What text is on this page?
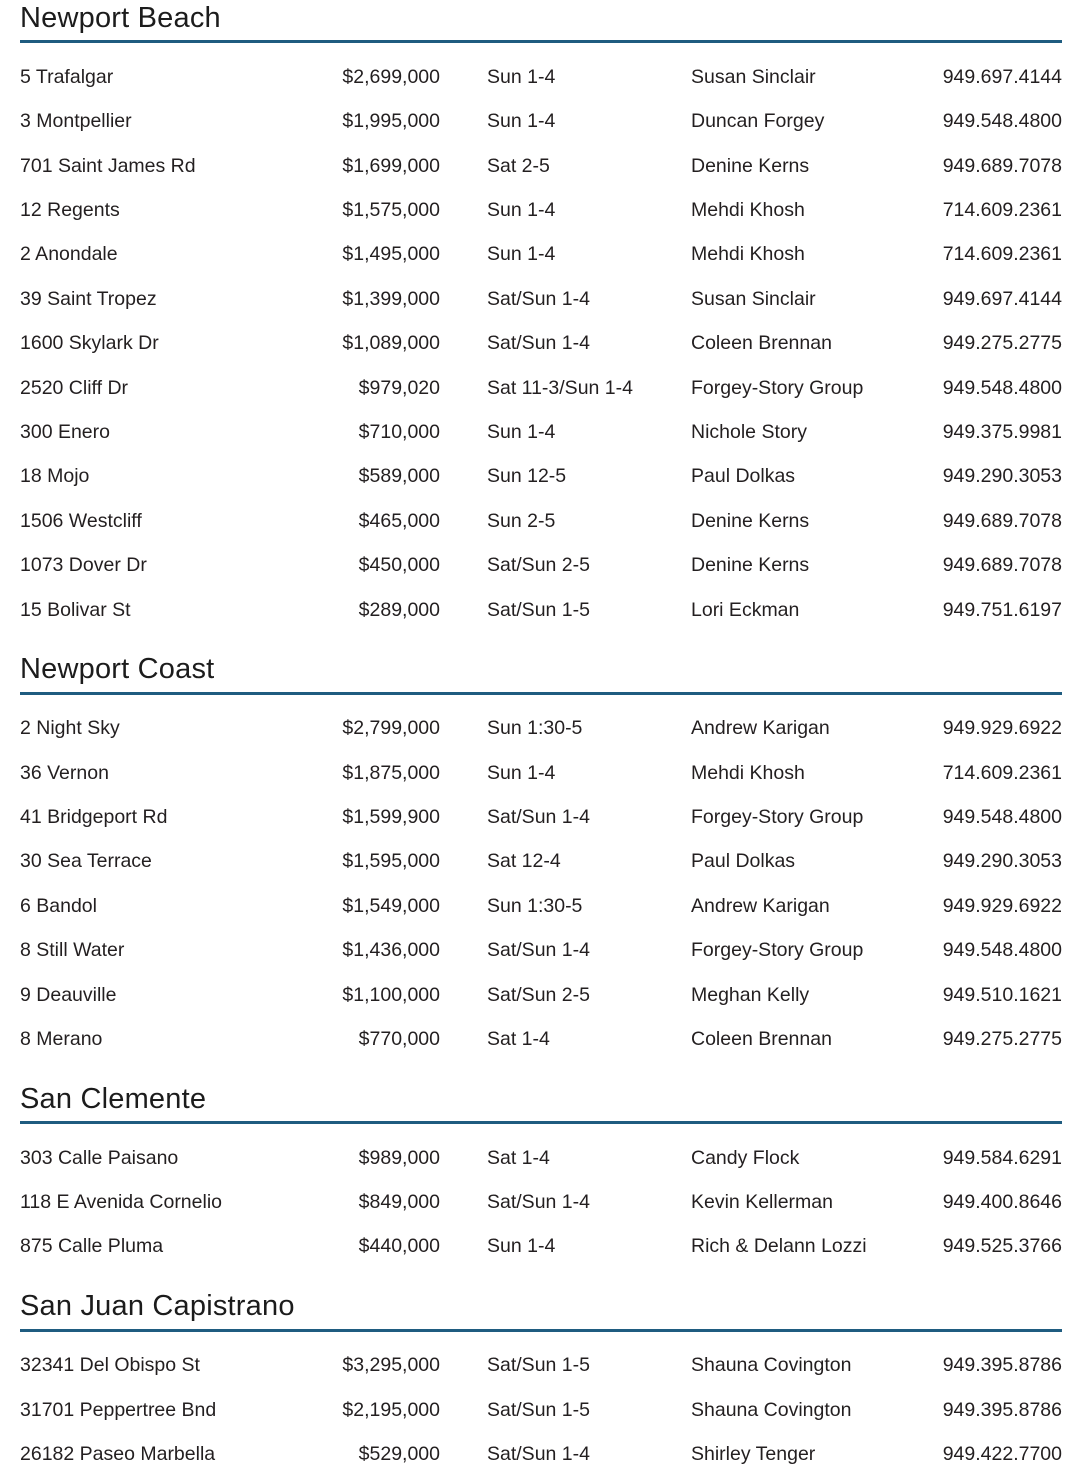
Newport Beach
5 Trafalgar	$2,699,000	Sun 1-4	Susan Sinclair	949.697.4144
3 Montpellier	$1,995,000	Sun 1-4	Duncan Forgey	949.548.4800
701 Saint James Rd	$1,699,000	Sat 2-5	Denine Kerns	949.689.7078
12 Regents	$1,575,000	Sun 1-4	Mehdi Khosh	714.609.2361
2 Anondale	$1,495,000	Sun 1-4	Mehdi Khosh	714.609.2361
39 Saint Tropez	$1,399,000	Sat/Sun 1-4	Susan Sinclair	949.697.4144
1600 Skylark Dr	$1,089,000	Sat/Sun 1-4	Coleen Brennan	949.275.2775
2520 Cliff Dr	$979,020	Sat 11-3/Sun 1-4	Forgey-Story Group	949.548.4800
300 Enero	$710,000	Sun 1-4	Nichole Story	949.375.9981
18 Mojo	$589,000	Sun 12-5	Paul Dolkas	949.290.3053
1506 Westcliff	$465,000	Sun 2-5	Denine Kerns	949.689.7078
1073 Dover Dr	$450,000	Sat/Sun 2-5	Denine Kerns	949.689.7078
15 Bolivar St	$289,000	Sat/Sun 1-5	Lori Eckman	949.751.6197
Newport Coast
2 Night Sky	$2,799,000	Sun 1:30-5	Andrew Karigan	949.929.6922
36 Vernon	$1,875,000	Sun 1-4	Mehdi Khosh	714.609.2361
41 Bridgeport Rd	$1,599,900	Sat/Sun 1-4	Forgey-Story Group	949.548.4800
30 Sea Terrace	$1,595,000	Sat 12-4	Paul Dolkas	949.290.3053
6 Bandol	$1,549,000	Sun 1:30-5	Andrew Karigan	949.929.6922
8 Still Water	$1,436,000	Sat/Sun 1-4	Forgey-Story Group	949.548.4800
9 Deauville	$1,100,000	Sat/Sun 2-5	Meghan Kelly	949.510.1621
8 Merano	$770,000	Sat 1-4	Coleen Brennan	949.275.2775
San Clemente
303 Calle Paisano	$989,000	Sat 1-4	Candy Flock	949.584.6291
118 E Avenida Cornelio	$849,000	Sat/Sun 1-4	Kevin Kellerman	949.400.8646
875 Calle Pluma	$440,000	Sun 1-4	Rich & Delann Lozzi	949.525.3766
San Juan Capistrano
32341 Del Obispo St	$3,295,000	Sat/Sun 1-5	Shauna Covington	949.395.8786
31701 Peppertree Bnd	$2,195,000	Sat/Sun 1-5	Shauna Covington	949.395.8786
26182 Paseo Marbella	$529,000	Sat/Sun 1-4	Shirley Tenger	949.422.7700
